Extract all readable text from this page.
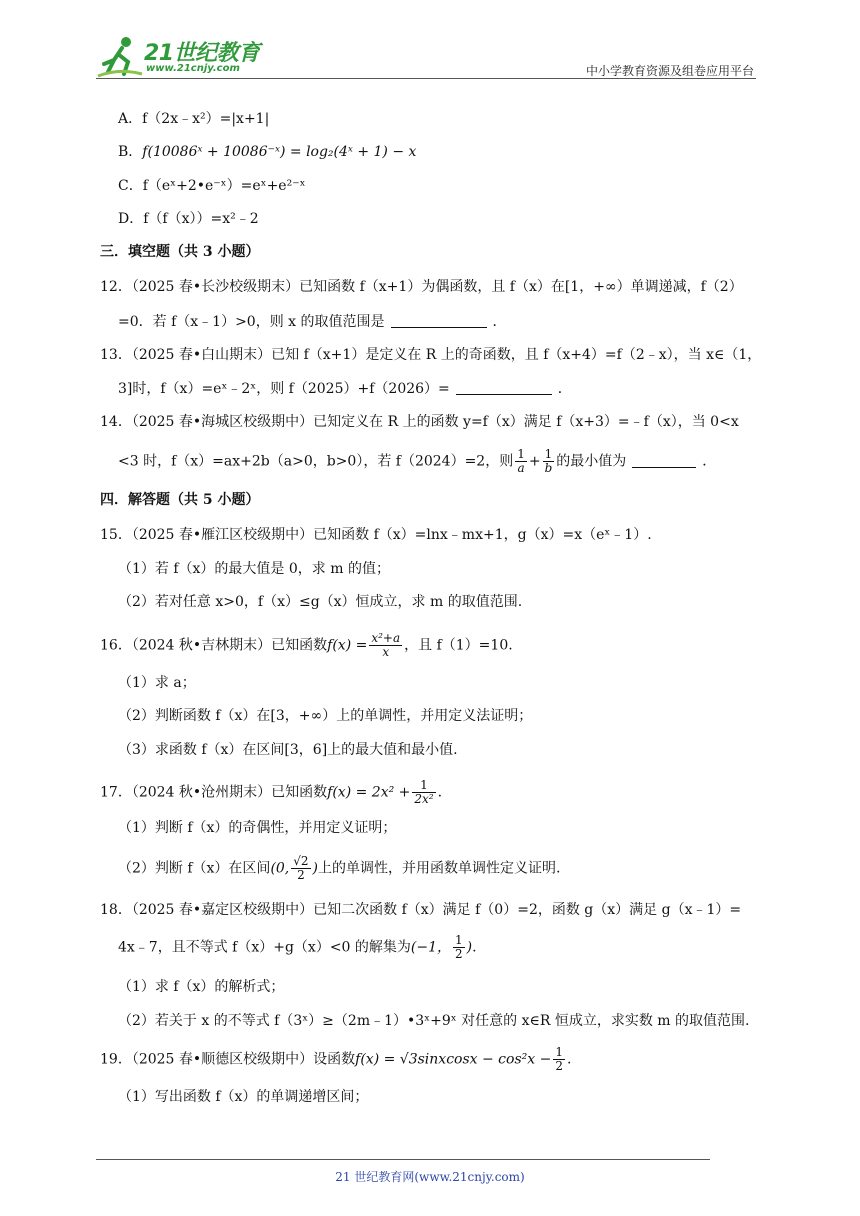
21世纪教育
www.21cnjy.com	中小学教育资源及组卷应用平台
A．f（2x﹣x²）=|x+1|
B．f(10086ˣ + 10086⁻ˣ) = log₂(4ˣ + 1) − x
C．f（eˣ+2•e⁻ˣ）=eˣ+e²⁻ˣ
D．f（f（x））=x²﹣2
三．填空题（共 3 小题）
12．（2025 春•长沙校级期末）已知函数 f（x+1）为偶函数，且 f（x）在[1，+∞）单调递减，f（2）
=0．若 f（x﹣1）>0，则 x 的取值范围是	．
13．（2025 春•白山期末）已知 f（x+1）是定义在 R 上的奇函数，且 f（x+4）=f（2﹣x），当 x∈（1，
3]时，f（x）=eˣ﹣2ˣ，则 f（2025）+f（2026）=	．
14．（2025 春•海城区校级期中）已知定义在 R 上的函数 y=f（x）满足 f（x+3）=﹣f（x），当 0<x
<3 时，f（x）=ax+2b（a>0，b>0），若 f（2024）=2，则 $\frac{1}{a} + \frac{1}{b}$ 的最小值为	．
四．解答题（共 5 小题）
15．（2025 春•雁江区校级期中）已知函数 f（x）=lnx﹣mx+1，g（x）=x（eˣ﹣1）.
（1）若 f（x）的最大值是 0，求 m 的值；
（2）若对任意 x>0，f（x）≤g（x）恒成立，求 m 的取值范围.
16．（2024 秋•吉林期末）已知函数$f(x) = \frac{\text{x²+a}}{x}$ ，且 f（1）=10.
（1）求 a；
（2）判断函数 f（x）在[3，+∞）上的单调性，并用定义法证明；
（3）求函数 f（x）在区间[3，6]上的最大值和最小值.
17．（2024 秋•沧州期末）已知函数$f(x) = 2x^2 + \frac{1}{\text{2x²}}$ .
（1）判断 f（x）的奇偶性，并用定义证明；
（2）判断 f（x）在区间(0, $\frac{√2}{2}$ )上的单调性，并用函数单调性定义证明.
18．（2025 春•嘉定区校级期中）已知二次函数 f（x）满足 f（0）=2，函数 g（x）满足 g（x﹣1）=
4x﹣7，且不等式 f（x）+g（x）<0 的解集为(−1， $\frac{1}{2}$ ).
（1）求 f（x）的解析式；
（2）若关于 x 的不等式 f（3ˣ）≥（2m﹣1）•3ˣ+9ˣ 对任意的 x∈R 恒成立，求实数 m 的取值范围.
19．（2025 春•顺德区校级期中）设函数f(x) = √3sinxcosx − $\cos^2x - \frac{1}{2}$ .
（1）写出函数 f（x）的单调递增区间；
21 世纪教育网(www.21cnjy.com)
